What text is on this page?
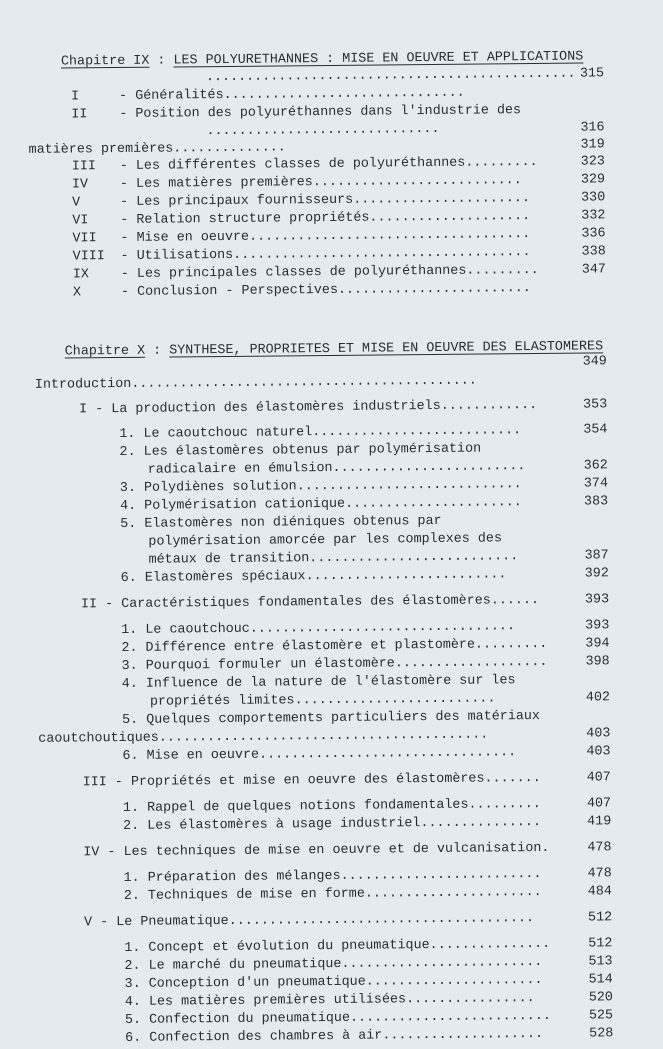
Chapitre IX : LES POLYURETHANNES : MISE EN OEUVRE ET APPLICATIONS

.............................................. 315
I	- Généralités..............................
II - Position des polyuréthannes dans l'industrie des
.............................	316
matières premières..............	319
III - Les différentes classes de polyuréthannes.........	323
IV - Les matières premières..........................	329
V	- Les principaux fournisseurs......................	330
VI - Relation structure propriétés....................	332
VII - Mise en oeuvre...................................	336
VIII - Utilisations.....................................	338
IX - Les principales classes de polyuréthannes.........	347
X	- Conclusion - Perspectives........................

Chapitre X : SYNTHESE, PROPRIETES ET MISE EN OEUVRE DES ELASTOMERES

349
Introduction...........................................
I - La production des élastomères industriels............	353
1. Le caoutchouc naturel..........................	354
2. Les élastomères obtenus par polymérisation
radicalaire en émulsion........................	362
3. Polydiènes solution............................	374
4. Polymérisation cationique......................	383
5. Elastomères non diéniques obtenus par
polymérisation amorcée par les complexes des
métaux de transition..........................	387
6. Elastomères spéciaux.........................	392
II - Caractéristiques fondamentales des élastomères......	393
1. Le caoutchouc.................................	393
2. Différence entre élastomère et plastomère.........	394
3. Pourquoi formuler un élastomère...................	398
4. Influence de la nature de l'élastomère sur les
propriétés limites.........................	402
5. Quelques comportements particuliers des matériaux
caoutchoutiques.........................................	403
6. Mise en oeuvre................................	403
III - Propriétés et mise en oeuvre des élastomères.......	407
1. Rappel de quelques notions fondamentales.........	407
2. Les élastomères à usage industriel...............	419
IV - Les techniques de mise en oeuvre et de vulcanisation.	478
1. Préparation des mélanges.........................	478
2. Techniques de mise en forme......................	484
V - Le Pneumatique......................................	512
1. Concept et évolution du pneumatique...............	512
2. Le marché du pneumatique.........................	513
3. Conception d'un pneumatique......................	514
4. Les matières premières utilisées................	520
5. Confection du pneumatique.........................	525
6. Confection des chambres à air....................	528
